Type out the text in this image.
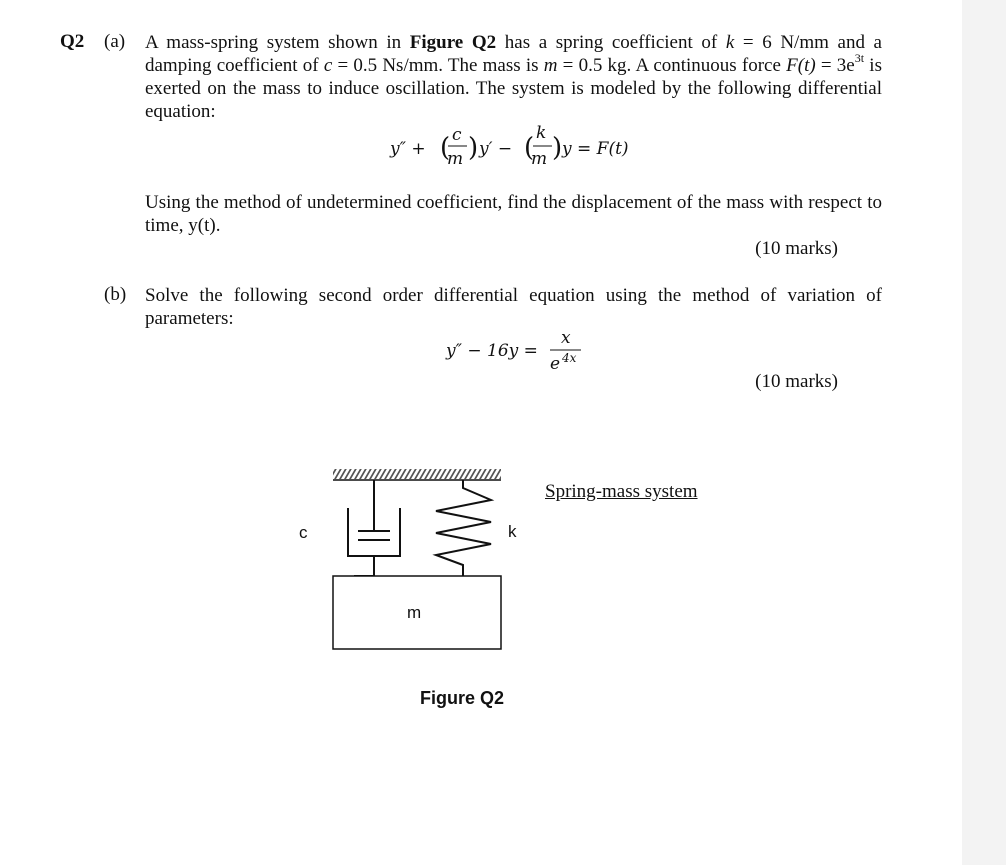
Q2 (a) A mass-spring system shown in Figure Q2 has a spring coefficient of k = 6 N/mm and a damping coefficient of c = 0.5 Ns/mm. The mass is m = 0.5 kg. A continuous force $F(t) = 3e^{3t}$ is exerted on the mass to induce oscillation. The system is modeled by the following differential equation:
y″ + ( c
m ) y′ − ( k
m ) y = F(t)
Using the method of undetermined coefficient, find the displacement of the mass with respect to time, y(t).
(10 marks)
(b) Solve the following second order differential equation using the method of variation of parameters:
y″ − 16y =
x
e 4x
(10 marks)
Spring-mass system
c	k
m
Figure Q2
